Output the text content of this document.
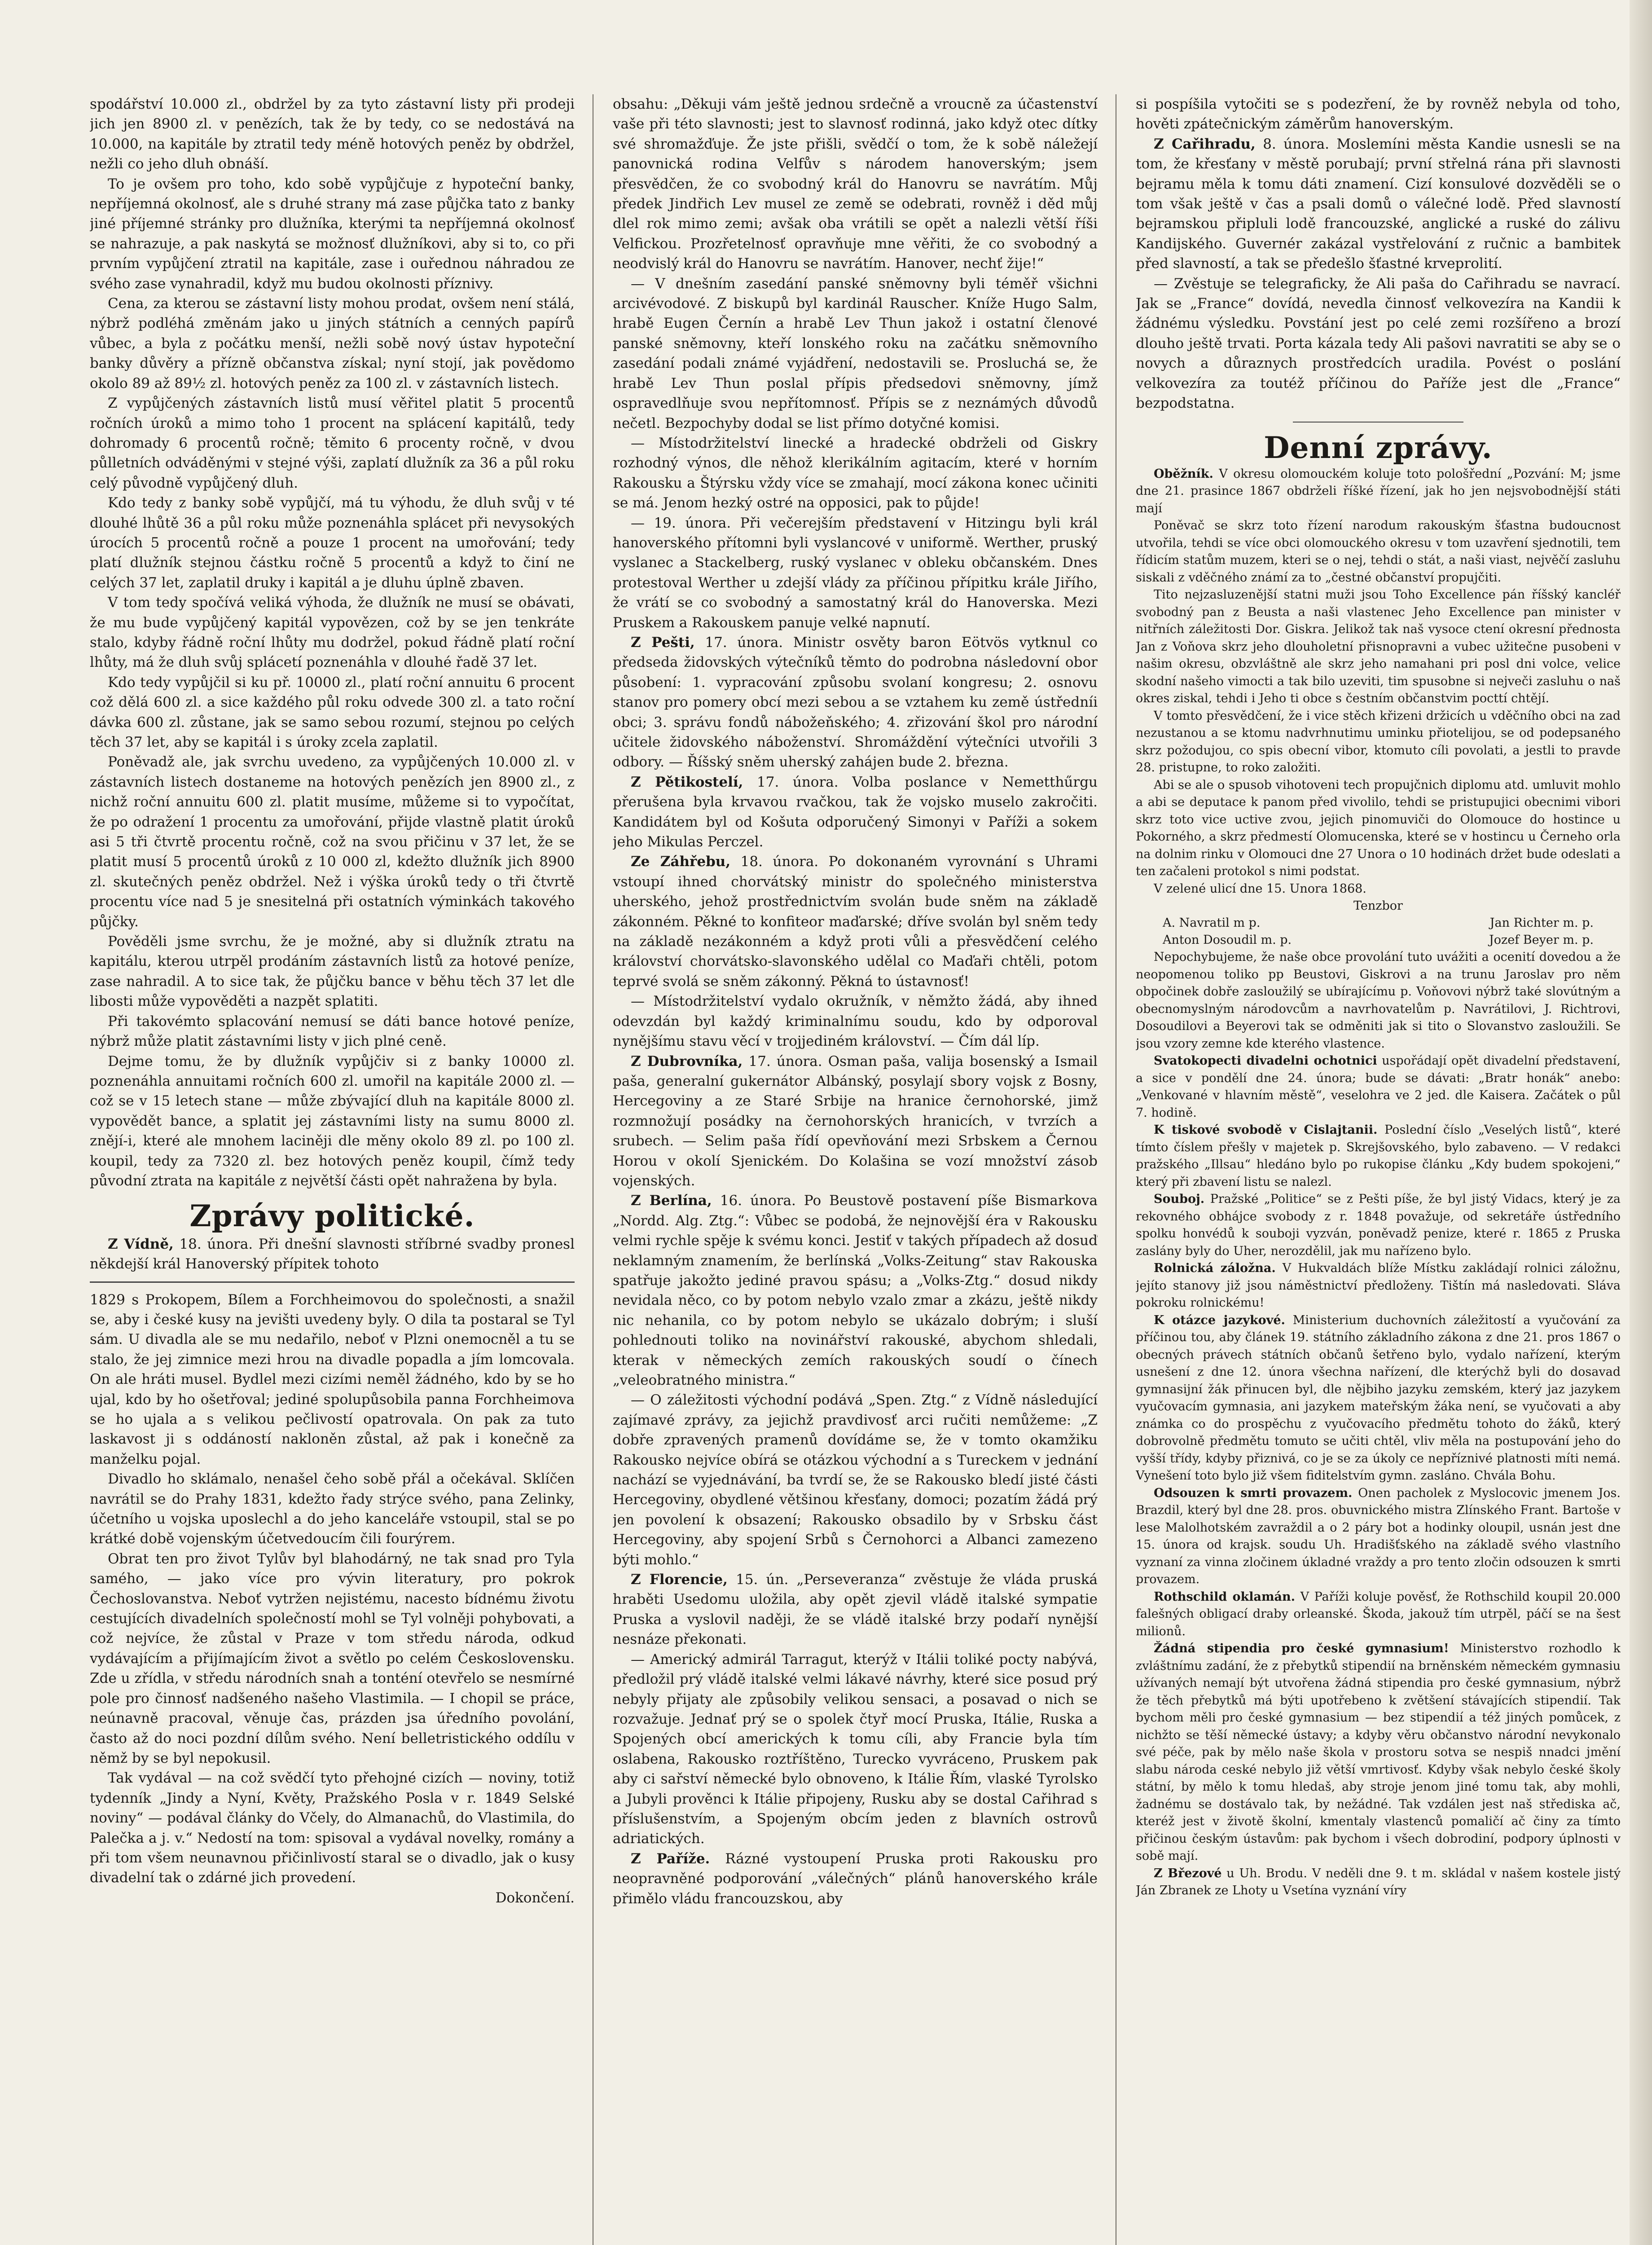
spodářství 10.000 zl., obdržel by za tyto zástavní listy při prodeji jich jen 8900 zl. v penězích, tak že by tedy, co se nedostává na 10.000, na kapitále by ztratil tedy méně hotových peněz by obdržel, nežli co jeho dluh obnáší.

To je ovšem pro toho, kdo sobě vypůjčuje z hypoteční banky, nepříjemná okolnosť, ale s druhé strany má zase půjčka tato z banky jiné příjemné stránky pro dlužníka, kterými ta nepříjemná okolnosť se nahrazuje, a pak naskytá se možnosť dlužníkovi, aby si to, co při prvním vypůjčení ztratil na kapitále, zase i ouřednou náhradou ze svého zase vynahradil, když mu budou okolnosti příznivy.

Cena, za kterou se zástavní listy mohou prodat, ovšem není stálá, nýbrž podléhá změnám jako u jiných státních a cenných papírů vůbec, a byla z počátku menší, nežli sobě nový ústav hypoteční banky důvěry a přízně občanstva získal; nyní stojí, jak povědomo okolo 89 až 89½ zl. hotových peněz za 100 zl. v zástavních listech.

Z vypůjčených zástavních listů musí věřitel platit 5 procentů ročních úroků a mimo toho 1 procent na splácení kapitálů, tedy dohromady 6 procentů ročně; těmito 6 procenty ročně, v dvou půlletních odváděnými v stejné výši, zaplatí dlužník za 36 a půl roku celý původně vypůjčený dluh.

Kdo tedy z banky sobě vypůjčí, má tu výhodu, že dluh svůj v té dlouhé lhůtě 36 a půl roku může poznenáhla splácet při nevysokých úrocích 5 procentů ročně a pouze 1 procent na umořování; tedy platí dlužník stejnou částku ročně 5 procentů a když to činí ne celých 37 let, zaplatil druky i kapitál a je dluhu úplně zbaven.

V tom tedy spočívá veliká výhoda, že dlužník ne musí se obávati, že mu bude vypůjčený kapitál vypovězen, což by se jen tenkráte stalo, kdyby řádně roční lhůty mu dodržel, pokud řádně platí roční lhůty, má že dluh svůj splácetí poznenáhla v dlouhé řadě 37 let.

Kdo tedy vypůjčil si ku př. 10000 zl., platí roční annuitu 6 procent což dělá 600 zl. a sice každého půl roku odvede 300 zl. a tato roční dávka 600 zl. zůstane, jak se samo sebou rozumí, stejnou po celých těch 37 let, aby se kapitál i s úroky zcela zaplatil.

Poněvadž ale, jak svrchu uvedeno, za vypůjčených 10.000 zl. v zástavních listech dostaneme na hotových penězích jen 8900 zl., z nichž roční annuitu 600 zl. platit musíme, můžeme si to vypočítat, že po odražení 1 procentu za umořování, přijde vlastně platit úroků asi 5 tři čtvrtě procentu ročně, což na svou přičinu v 37 let, že se platit musí 5 procentů úroků z 10 000 zl, kdežto dlužník jich 8900 zl. skutečných peněz obdržel. Než i výška úroků tedy o tři čtvrtě procentu více nad 5 je snesitelná při ostatních výminkách takového půjčky.

Pověděli jsme svrchu, že je možné, aby si dlužník ztratu na kapitálu, kterou utrpěl prodáním zástavních listů za hotové peníze, zase nahradil. A to sice tak, že půjčku bance v běhu těch 37 let dle libosti může vypověděti a nazpět splatiti.

Při takovémto splacování nemusí se dáti bance hotové peníze, nýbrž může platit zástavními listy v jich plné ceně.

Dejme tomu, že by dlužník vypůjčiv si z banky 10000 zl. poznenáhla annuitami ročních 600 zl. umořil na kapitále 2000 zl. — což se v 15 letech stane — může zbývající dluh na kapitále 8000 zl. vypovědět bance, a splatit jej zástavními listy na sumu 8000 zl. znějí-i, které ale mnohem laciněji dle měny okolo 89 zl. po 100 zl. koupil, tedy za 7320 zl. bez hotových peněz koupil, čímž tedy původní ztrata na kapitále z největší části opět nahražena by byla.

Zprávy politické.

Z Vídně, 18. února. Při dnešní slavnosti stříbrné svadby pronesl někdejší král Hanoverský přípitek tohoto

1829 s Prokopem, Bílem a Forchheimovou do společnosti, a snažil se, aby i české kusy na jevišti uvedeny byly. O dila ta postaral se Tyl sám. U divadla ale se mu nedařilo, neboť v Plzni onemocněl a tu se stalo, že jej zimnice mezi hrou na divadle popadla a jím lomcovala. On ale hráti musel. Bydlel mezi cizími neměl žádného, kdo by se ho ujal, kdo by ho ošetřoval; jediné spolupůsobila panna Forchheimova se ho ujala a s velikou pečlivostí opatrovala. On pak za tuto laskavost ji s oddáností nakloněn zůstal, až pak i konečně za manželku pojal.

Divadlo ho sklámalo, nenašel čeho sobě přál a očekával. Sklíčen navrátil se do Prahy 1831, kdežto řady strýce svého, pana Zelinky, účetního u vojska uposlechl a do jeho kanceláře vstoupil, stal se po krátké době vojenským účetvedoucím čili fourýrem.

Obrat ten pro život Tylův byl blahodárný, ne tak snad pro Tyla samého, — jako více pro vývin literatury, pro pokrok Čechoslovanstva. Neboť vytržen nejistému, nacesto bídnému životu cestujících divadelních společností mohl se Tyl volněji pohybovati, a což nejvíce, že zůstal v Praze v tom středu národa, odkud vydávajícím a přijímajícím život a světlo po celém Československu. Zde u zřídla, v středu národních snah a tonténí otevřelo se nesmírné pole pro činnosť nadšeného našeho Vlastimila. — I chopil se práce, neúnavně pracoval, věnuje čas, prázden jsa úředního povolání, často až do noci pozdní dílům svého. Není belletristického oddílu v němž by se byl nepokusil.

Tak vydával — na což svědčí tyto přehojné cizích — noviny, totiž tydenník „Jindy a Nyní, Květy, Pražského Posla v r. 1849 Selské noviny“ — podával články do Včely, do Almanachů, do Vlastimila, do Palečka a j. v.“ Nedostí na tom: spisoval a vydával novelky, romány a při tom všem neunavnou přičinlivostí staral se o divadlo, jak o kusy divadelní tak o zdárné jich provedení.

Dokončení.

obsahu: „Děkuji vám ještě jednou srdečně a vroucně za účastenství vaše při této slavnosti; jest to slavnosť rodinná, jako když otec dítky své shromažďuje. Že jste přišli, svědčí o tom, že k sobě náležejí panovnická rodina Velfův s národem hanoverským; jsem přesvědčen, že co svobodný král do Hanovru se navrátím. Můj předek Jindřich Lev musel ze země se odebrati, rovněž i děd můj dlel rok mimo zemi; avšak oba vrátili se opět a nalezli větší říši Velfickou. Prozřetelnosť opravňuje mne věřiti, že co svobodný a neodvislý král do Hanovru se navrátím. Hanover, nechť žije!“

— V dnešním zasedání panské sněmovny byli téměř všichni arcivévodové. Z biskupů byl kardinál Rauscher. Kníže Hugo Salm, hrabě Eugen Černín a hrabě Lev Thun jakož i ostatní členové panské sněmovny, kteří lonského roku na začátku sněmovního zasedání podali známé vyjádření, nedostavili se. Prosluchá se, že hrabě Lev Thun poslal přípis předsedovi sněmovny, jímž ospravedlňuje svou nepřítomnosť. Přípis se z neznámých důvodů nečetl. Bezpochyby dodal se list přímo dotyčné komisi.

— Místodržitelství linecké a hradecké obdrželi od Giskry rozhodný výnos, dle něhož klerikálním agitacím, které v horním Rakousku a Štýrsku vždy více se zmahají, mocí zákona konec učiniti se má. Jenom hezký ostré na opposici, pak to půjde!

— 19. února. Při večerejším představení v Hitzingu byli král hanoverského přítomni byli vyslancové v uniformě. Werther, pruský vyslanec a Stackelberg, ruský vyslanec v obleku občanském. Dnes protestoval Werther u zdejší vlády za příčinou přípitku krále Jiřího, že vrátí se co svobodný a samostatný král do Hanoverska. Mezi Pruskem a Rakouskem panuje velké napnutí.

Z Pešti, 17. února. Ministr osvěty baron Eötvös vytknul co předseda židovských výtečníků těmto do podrobna následovní obor působení: 1. vypracování způsobu svolaní kongresu; 2. osnovu stanov pro pomery obcí mezi sebou a se vztahem ku země ústředníi obci; 3. správu fondů nábožeňského; 4. zřizování škol pro národní učitele židovského náboženství. Shromáždění výtečníci utvořili 3 odbory. — Říšský sněm uherský zahájen bude 2. března.

Z Pětikostelí, 17. února. Volba poslance v Nemetthűrgu přerušena byla krvavou rvačkou, tak že vojsko muselo zakročiti. Kandidátem byl od Košuta odporučený Simonyi v Paříži a sokem jeho Mikulas Perczel.

Ze Záhřebu, 18. února. Po dokonaném vyrovnání s Uhrami vstoupí ihned chorvátský ministr do společného ministerstva uherského, jehož prostřednictvím svolán bude sněm na základě zákonném. Pěkné to konfiteor maďarské; dříve svolán byl sněm tedy na základě nezákonném a když proti vůli a přesvědčení celého království chorvátsko-slavonského udělal co Maďaři chtěli, potom teprvé svolá se sněm zákonný. Pěkná to ústavnosť!

— Místodržitelství vydalo okružník, v němžto žádá, aby ihned odevzdán byl každý kriminalnímu soudu, kdo by odporoval nynějšímu stavu věcí v trojjediném království. — Čím dál líp.

Z Dubrovníka, 17. února. Osman paša, valija bosenský a Ismail paša, generalní gukernátor Albánský, posylají sbory vojsk z Bosny, Hercegoviny a ze Staré Srbije na hranice černohorské, jimž rozmnožují posádky na černohorských hranicích, v tvrzích a srubech. — Selim paša řídí opevňování mezi Srbskem a Černou Horou v okolí Sjenickém. Do Kolašina se vozí množství zásob vojenských.

Z Berlína, 16. února. Po Beustově postavení píše Bismarkova „Nordd. Alg. Ztg.“: Vůbec se podobá, že nejnovější éra v Rakousku velmi rychle spěje k svému konci. Jestiť v takých případech až dosuď neklamným znamením, že berlínská „Volks-Zeitung“ stav Rakouska spatřuje jakožto jediné pravou spásu; a „Volks-Ztg.“ dosud nikdy nevidala něco, co by potom nebylo vzalo zmar a zkázu, ještě nikdy nic nehanila, co by potom nebylo se ukázalo dobrým; i sluší pohlednouti toliko na novinářství rakouské, abychom shledali, kterak v německých zemích rakouských soudí o čínech „veleobratného ministra.“

— O záležitosti východní podává „Spen. Ztg.“ z Vídně následující zajímavé zprávy, za jejichž pravdivosť arci ručiti nemůžeme: „Z dobře zpravených pramenů dovídáme se, že v tomto okamžiku Rakousko nejvíce obírá se otázkou východní a s Tureckem v jednání nachází se vyjednávání, ba tvrdí se, že se Rakousko bledí jisté části Hercegoviny, obydlené většinou křesťany, domoci; pozatím žádá prý jen povolení k obsazení; Rakousko obsadilo by v Srbsku část Hercegoviny, aby spojení Srbů s Černohorci a Albanci zamezeno býti mohlo.“

Z Florencie, 15. ún. „Perseveranza“ zvěstuje že vláda pruská hraběti Usedomu uložila, aby opět zjevil vládě italské sympatie Pruska a vyslovil naději, že se vládě italské brzy podaří nynější nesnáze překonati.

— Americký admirál Tarragut, kterýž v Itálii toliké pocty nabývá, předložil prý vládě italské velmi lákavé návrhy, které sice posud prý nebyly přijaty ale způsobily velikou sensaci, a posavad o nich se rozvažuje. Jednať prý se o spolek čtyř mocí Pruska, Itálie, Ruska a Spojených obcí amerických k tomu cíli, aby Francie byla tím oslabena, Rakousko roztříštěno, Turecko vyvráceno, Pruskem pak aby ci sařství německé bylo obnoveno, k Itálie Řím, vlaské Tyrolsko a Jubyli prověnci k Itálie připojeny, Rusku aby se dostal Cařihrad s příslušenstvím, a Spojeným obcím jeden z blavních ostrovů adriatických.

Z Paříže. Rázné vystoupení Pruska proti Rakousku pro neopravněné podporování „válečných“ plánů hanoverského krále přimělo vládu francouzskou, aby

si pospíšila vytočiti se s podezření, že by rovněž nebyla od toho, hověti zpátečnickým záměrům hanoverským.

Z Cařihradu, 8. února. Moslemíni města Kandie usnesli se na tom, že křesťany v městě porubají; první střelná rána při slavnosti bejramu měla k tomu dáti znamení. Cizí konsulové dozvěděli se o tom však ještě v čas a psali domů o válečné lodě. Před slavností bejramskou připluli lodě francouzské, anglické a ruské do zálivu Kandijského. Guvernér zakázal vystřelování z ručnic a bambitek před slavností, a tak se předešlo šťastné krveprolití.

— Zvěstuje se telegraficky, že Ali paša do Cařihradu se navrací. Jak se „France“ dovídá, nevedla činnosť velkovezíra na Kandii k žádnému výsledku. Povstání jest po celé zemi rozšířeno a brozí dlouho ještě trvati. Porta kázala tedy Ali pašovi navratiti se aby se o novych a důraznych prostředcích uradila. Povést o poslání velkovezíra za toutéž příčinou do Paříže jest dle „France“ bezpodstatna.

Denní zprávy.

Oběžník. V okresu olomouckém koluje toto pološřední „Pozvání: M; jsme dne 21. prasince 1867 obdrželi říšké řízení, jak ho jen nejsvobodnější státi mají

Poněvač se skrz toto řízení narodum rakouským šťastna budoucnost utvořila, tehdi se více obci olomouckého okresu v tom uzavření sjednotili, tem řídicím statům muzem, kteri se o nej, tehdi o stát, a naši viast, nejvěčí zasluhu siskali z vděčného známí za to „čestné občanství propujčiti.

Tito nejzasluzenější statni muži jsou Toho Excellence pán říšský kancléř svobodný pan z Beusta a naši vlastenec Jeho Excellence pan minister v nitřních záležitosti Dor. Giskra. Jelikož tak naš vysoce ctení okresní přednosta Jan z Voňova skrz jeho dlouholetní přisnopravni a vubec užitečne pusobeni v našim okresu, obzvláštně ale skrz jeho namahani pri posl dni volce, velice skodní našeho vimocti a tak bilo uzeviti, tim spusobne si nejveči zasluhu o naš okres ziskal, tehdi i Jeho ti obce s čestním občanstvim pocttí chtějí.

V tomto přesvědčení, že i vice stěch křizeni držicích u vděčního obci na zad nezustanou a se ktomu nadvrhnutimu uminku přiotelijou, se od podepsaného skrz požodujou, co spis obecní vibor, ktomuto cíli povolati, a jestli to pravde 28. pristupne, to roko založiti.

Abi se ale o spusob vihotoveni tech propujčnich diplomu atd. umluvit mohlo a abi se deputace k panom před vivolilo, tehdi se pristupujici obecnimi vibori skrz toto vice uctive zvou, jejich pinomuviči do Olomouce do hostince u Pokorného, a skrz předmestí Olomucenska, které se v hostincu u Černeho orla na dolnim rinku v Olomouci dne 27 Unora o 10 hodinách držet bude odeslati a ten začaleni protokol s nimi podstat.

V zelené ulicí dne 15. Unora 1868.

Tenzbor
A. Navratil m p.	Jan Richter m. p.
Anton Dosoudil m. p.	Jozef Beyer m. p.

Nepochybujeme, že naše obce provolání tuto uvážiti a ocenití dovedou a že neopomenou toliko pp Beustovi, Giskrovi a na trunu Jaroslav pro něm obpočinek dobře zasloužilý se ubírajícímu p. Voňovovi nýbrž také slovútným a obecnomyslným národovcům a navrhovatelům p. Navrátilovi, J. Richtrovi, Dosoudilovi a Beyerovi tak se odměniti jak si tito o Slovanstvo zasloužili. Se jsou vzory zemne kde kterého vlastence.

Svatokopecti divadelni ochotnici uspořádají opět divadelní představení, a sice v pondělí dne 24. února; bude se dávati: „Bratr honák“ anebo: „Venkované v hlavním městě“, veselohra ve 2 jed. dle Kaisera. Začátek o půl 7. hodině.

K tiskové svobodě v Cislajtanii. Poslední číslo „Veselých listů“, které tímto číslem přešly v majetek p. Skrejšovského, bylo zabaveno. — V redakci pražského „Illsau“ hledáno bylo po rukopise článku „Kdy budem spokojeni,“ který při zbavení listu se nalezl.

Souboj. Pražské „Politice“ se z Pešti píše, že byl jistý Vidacs, který je za rekovného obhájce svobody z r. 1848 považuje, od sekretáře ústředního spolku honvédů k souboji vyzván, poněvadž penize, které r. 1865 z Pruska zaslány byly do Uher, nerozdělil, jak mu nařízeno bylo.

Rolnická záložna. V Hukvaldách blíže Místku zakládají rolnici záložnu, jejíto stanovy již jsou náměstnictví předloženy. Tištín má nasledovati. Sláva pokroku rolnickému!

K otázce jazykové. Ministerium duchovních záležitostí a vyučování za příčinou tou, aby článek 19. státního základního zákona z dne 21. pros 1867 o obecných právech státních občanů šetřeno bylo, vydalo nařízení, kterým usnešení z dne 12. února všechna nařízení, dle kterýchž byli do dosavad gymnasijní žák přinucen byl, dle nějbiho jazyku zemském, který jaz jazykem vyučovacím gymnasia, ani jazykem mateřským žáka není, se vyučovati a aby známka co do prospěchu z vyučovacího předmětu tohoto do žáků, který dobrovolně předmětu tomuto se učiti chtěl, vliv měla na postupování jeho do vyšší třídy, kdyby přiznivá, co je se za úkoly ce nepříznivé platnosti míti nemá. Vynešení toto bylo již všem fiditelstvím gymn. zasláno. Chvála Bohu.

Odsouzen k smrti provazem. Onen pacholek z Myslocovic jmenem Jos. Brazdil, který byl dne 28. pros. obuvnického mistra Zlínského Frant. Bartoše v lese Malolhotském zavraždil a o 2 páry bot a hodinky oloupil, usnán jest dne 15. února od krajsk. soudu Uh. Hradišťského na základě svého vlastního vyznaní za vinna zločinem úkladné vraždy a pro tento zločin odsouzen k smrti provazem.

Rothschild oklamán. V Paříži koluje pověsť, že Rothschild koupil 20.000 falešných obligací draby orleanské. Škoda, jakouž tím utrpěl, páčí se na šest milionů.

Žádná stipendia pro české gymnasium! Ministerstvo rozhodlo k zvláštnímu zadání, že z přebytků stipendií na brněnském německém gymnasiu užívaných nemají být utvořena žádná stipendia pro české gymnasium, nýbrž že těch přebytků má býti upotřebeno k zvětšení stávajících stipendií. Tak bychom měli pro české gymnasium — bez stipendií a též jiných pomůcek, z nichžto se těší německé ústavy; a kdyby věru občanstvo národní nevykonalo své péče, pak by mělo naše škola v prostoru sotva se nespiš nnadci jmění slabu národa ceské nebylo již větší vmrtivosť. Kdyby však nebylo české školy státní, by mělo k tomu hledaš, aby stroje jenom jiné tomu tak, aby mohli, žadnému se dostávalo tak, by nežádné. Tak vzdálen jest naš střediska ač, kteréž jest v životě školní, kmentaly vlastenců pomaličí ač činy za tímto přičinou českým ústavům: pak bychom i všech dobrodiní, podpory úplnosti v sobě mají.

Z Březové u Uh. Brodu. V neděli dne 9. t m. skládal v našem kostele jistý Ján Zbranek ze Lhoty u Vsetína vyznání víry
